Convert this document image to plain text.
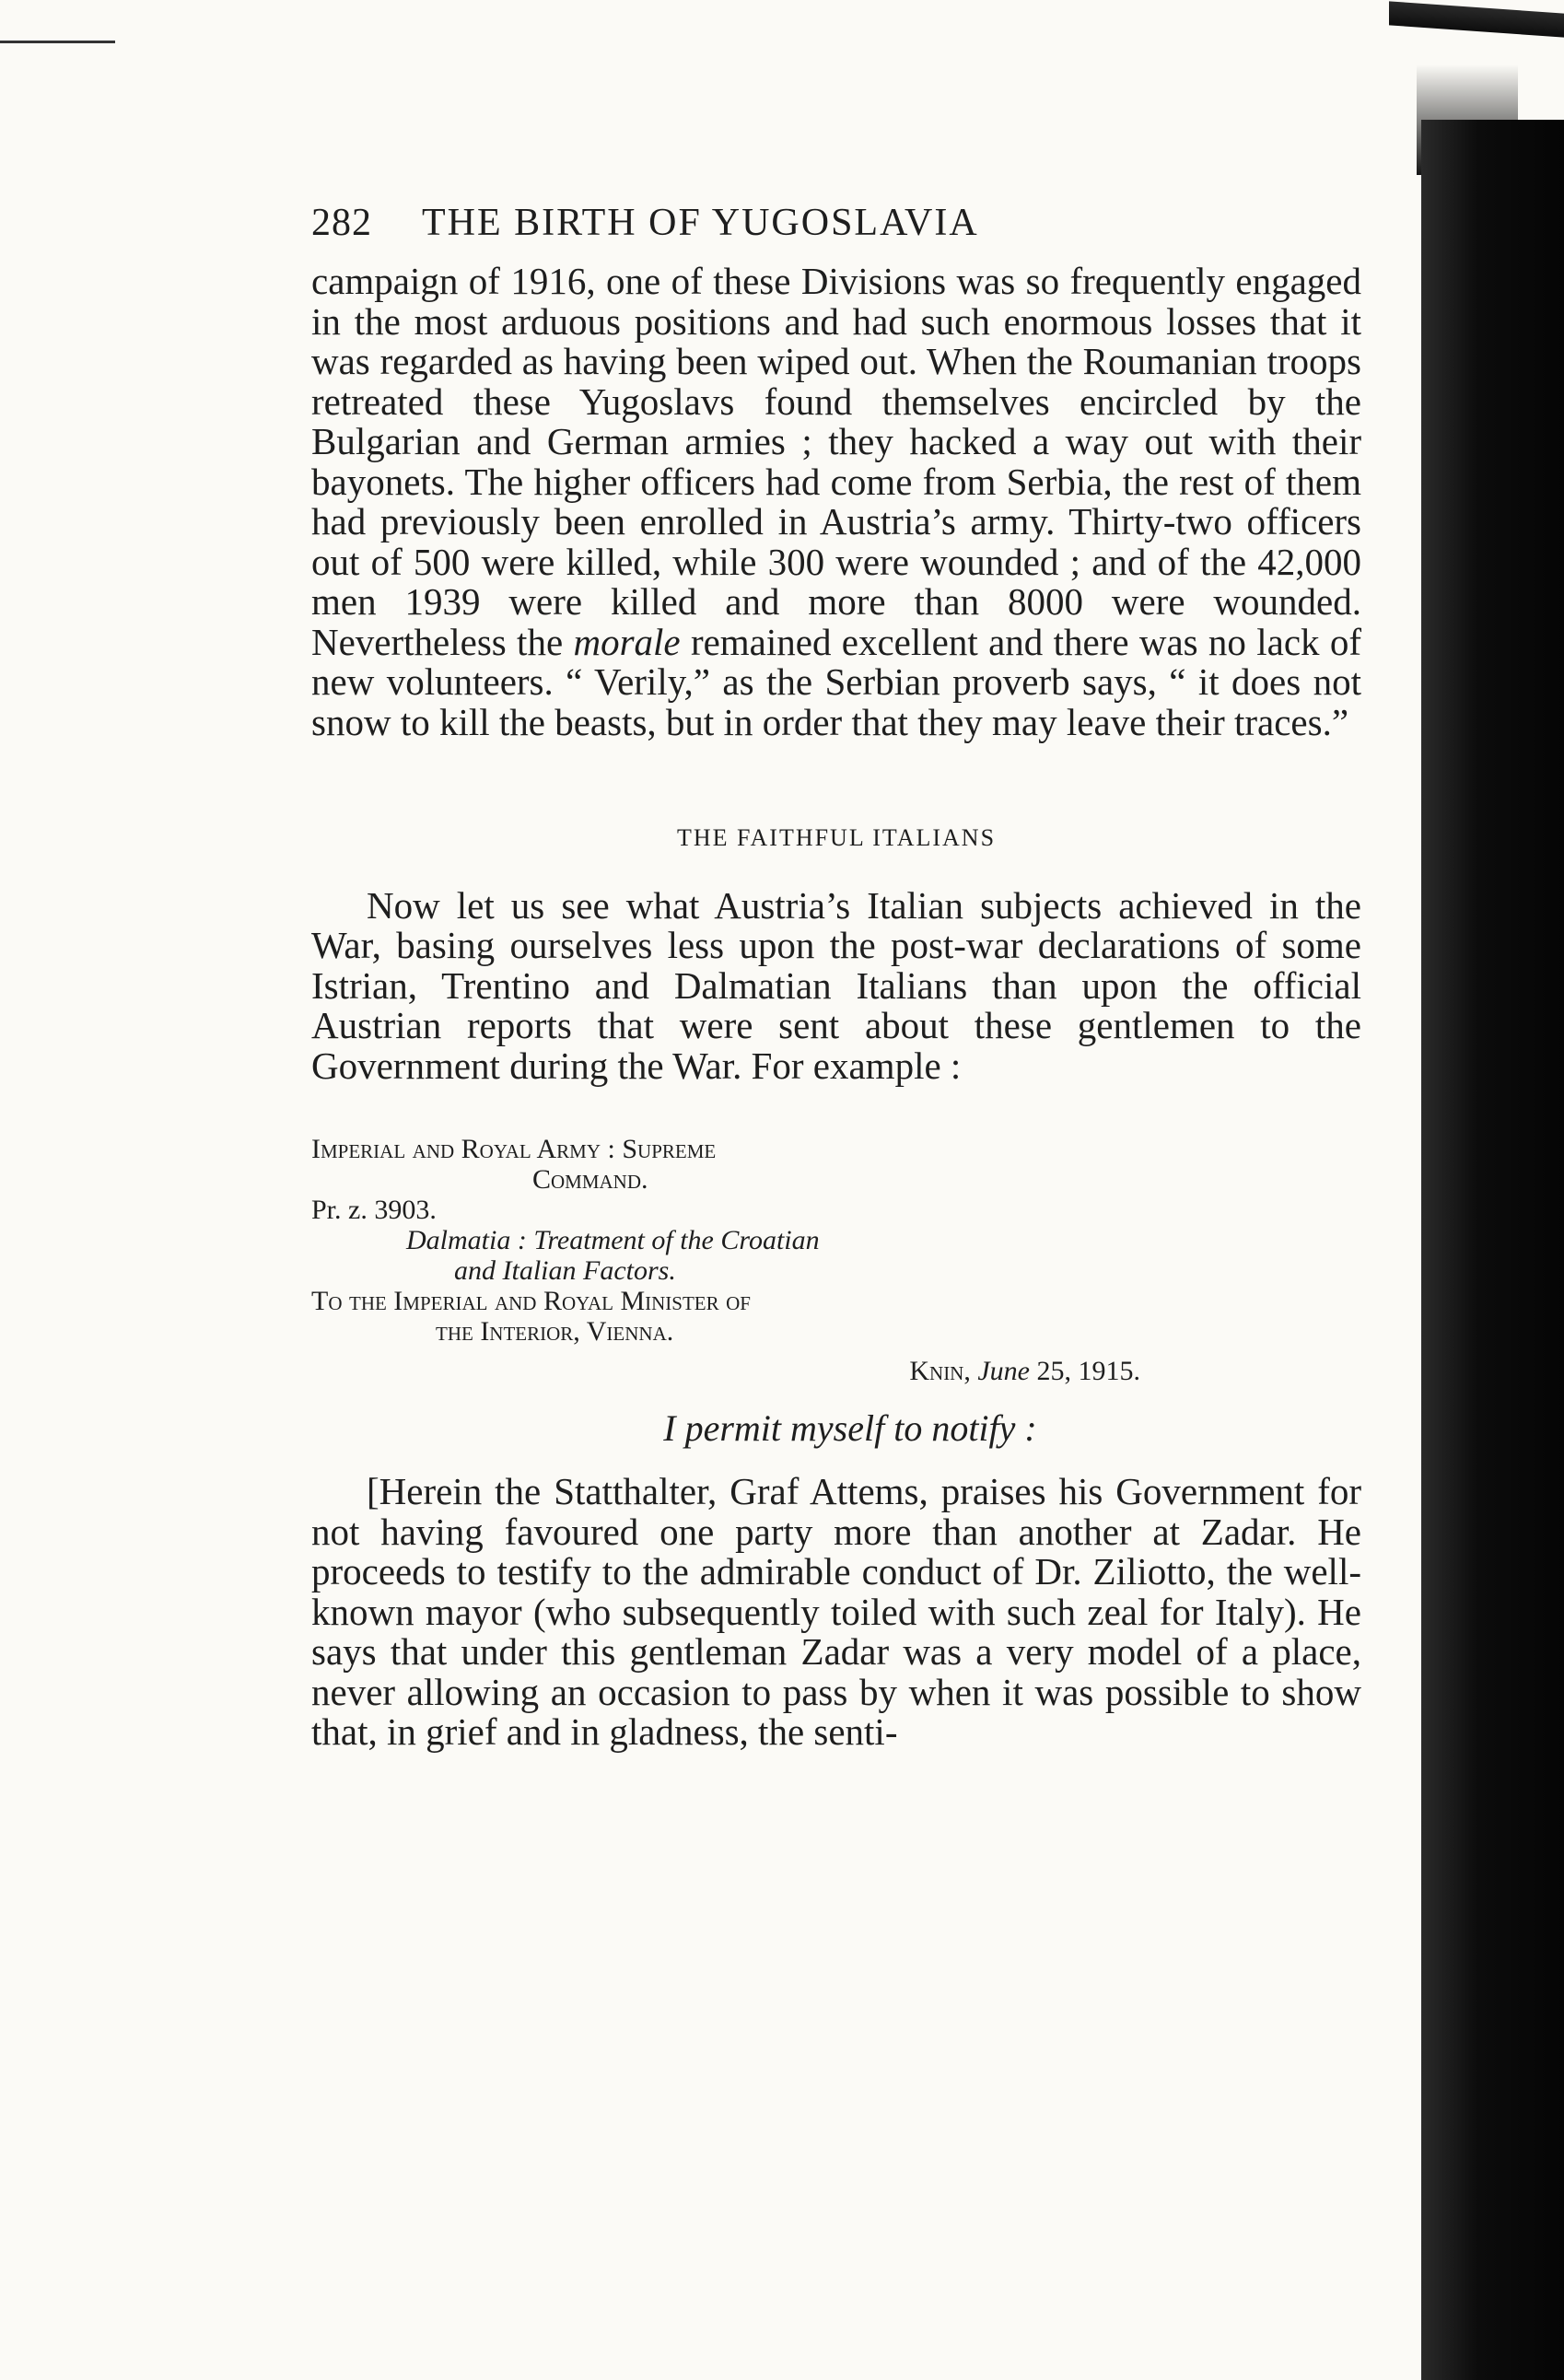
282	THE BIRTH OF YUGOSLAVIA

campaign of 1916, one of these Divisions was so frequently engaged in the most arduous positions and had such enormous losses that it was regarded as having been wiped out. When the Roumanian troops retreated these Yugoslavs found themselves encircled by the Bulgarian and German armies ; they hacked a way out with their bayonets. The higher officers had come from Serbia, the rest of them had previously been enrolled in Austria’s army. Thirty-two officers out of 500 were killed, while 300 were wounded ; and of the 42,000 men 1939 were killed and more than 8000 were wounded. Nevertheless the morale remained excellent and there was no lack of new volunteers. “ Verily,” as the Serbian proverb says, “ it does not snow to kill the beasts, but in order that they may leave their traces.”

THE FAITHFUL ITALIANS

Now let us see what Austria’s Italian subjects achieved in the War, basing ourselves less upon the post-war declarations of some Istrian, Trentino and Dalmatian Italians than upon the official Austrian reports that were sent about these gentlemen to the Government during the War. For example :

Imperial and Royal Army : Supreme
Command.
Pr. z. 3903.
Dalmatia : Treatment of the Croatian
and Italian Factors.
To the Imperial and Royal Minister of
the Interior, Vienna.
Knin, June 25, 1915.
I permit myself to notify :

[Herein the Statthalter, Graf Attems, praises his Government for not having favoured one party more than another at Zadar. He proceeds to testify to the admirable conduct of Dr. Ziliotto, the well-known mayor (who subsequently toiled with such zeal for Italy). He says that under this gentleman Zadar was a very model of a place, never allowing an occasion to pass by when it was possible to show that, in grief and in gladness, the senti-
